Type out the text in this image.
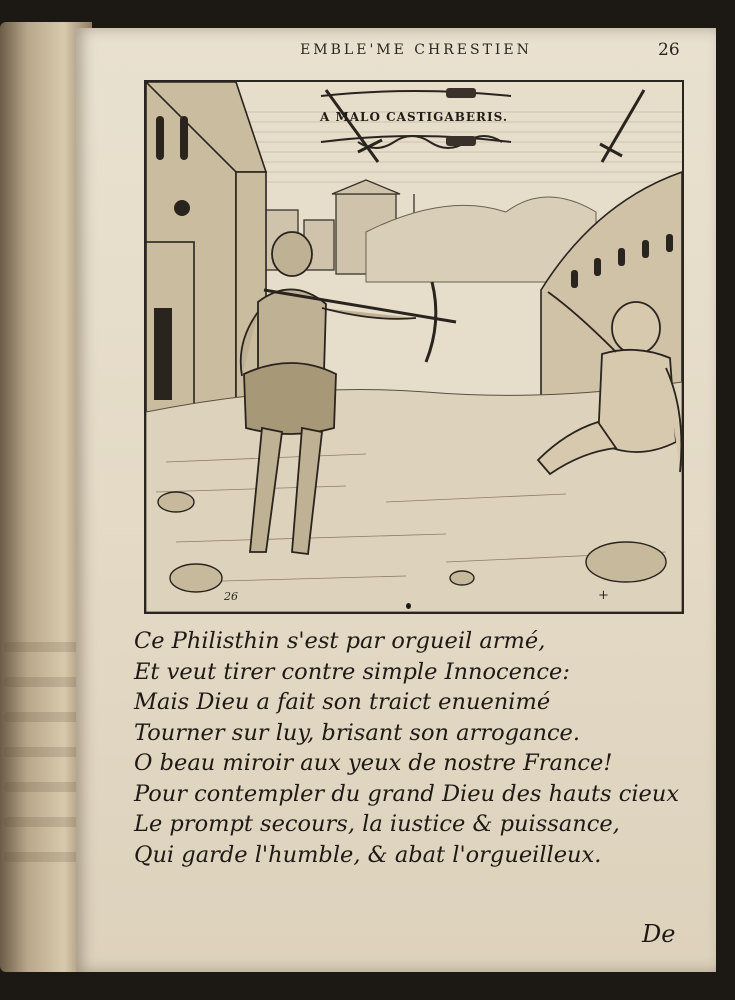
EMBLE'ME CHRESTIEN	26
A MALO CASTIGABERIS.
26	+
Ce Philisthin s'est par orgueil armé,
Et veut tirer contre simple Innocence:
Mais Dieu a fait son traict enuenimé
Tourner sur luy, brisant son arrogance.
O beau miroir aux yeux de nostre France!
Pour contempler du grand Dieu des hauts cieux
Le prompt secours, la iustice & puissance,
Qui garde l'humble, & abat l'orgueilleux.
De
